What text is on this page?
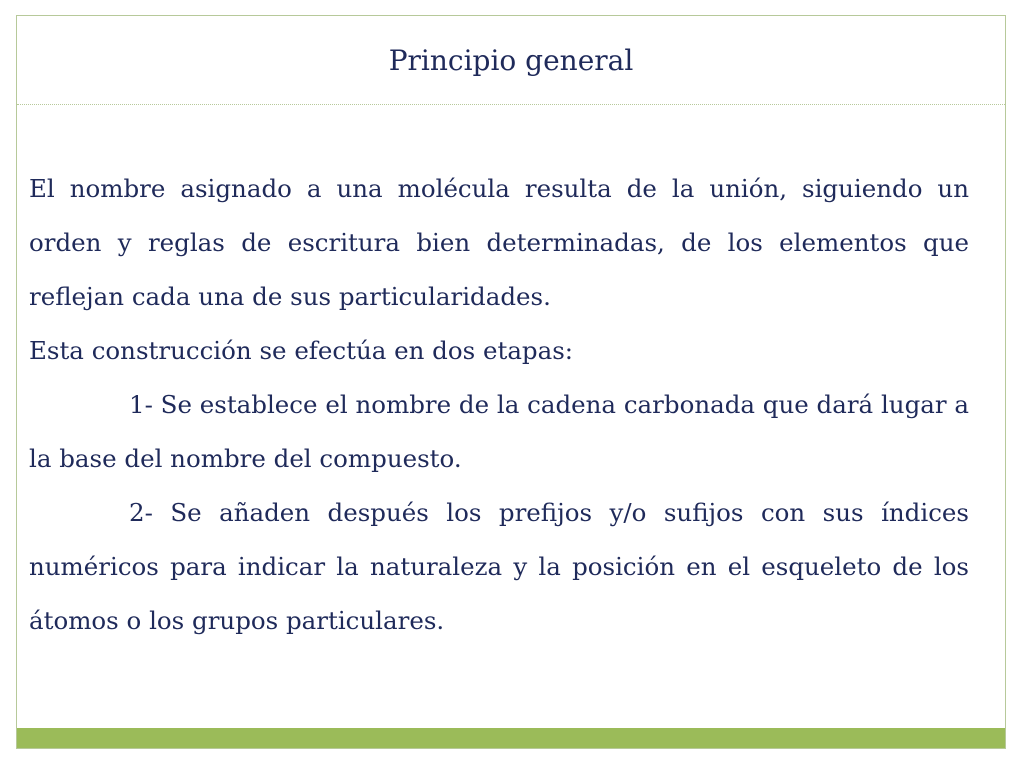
Principio general

El nombre asignado a una molécula resulta de la unión, siguiendo un orden y reglas de escritura bien determinadas, de los elementos que reflejan cada una de sus particularidades.

Esta construcción se efectúa en dos etapas:

1- Se establece el nombre de la cadena carbonada que dará lugar a la base del nombre del compuesto.

2- Se añaden después los prefijos y/o sufijos con sus índices numéricos para indicar la naturaleza y la posición en el esqueleto de los átomos o los grupos particulares.
